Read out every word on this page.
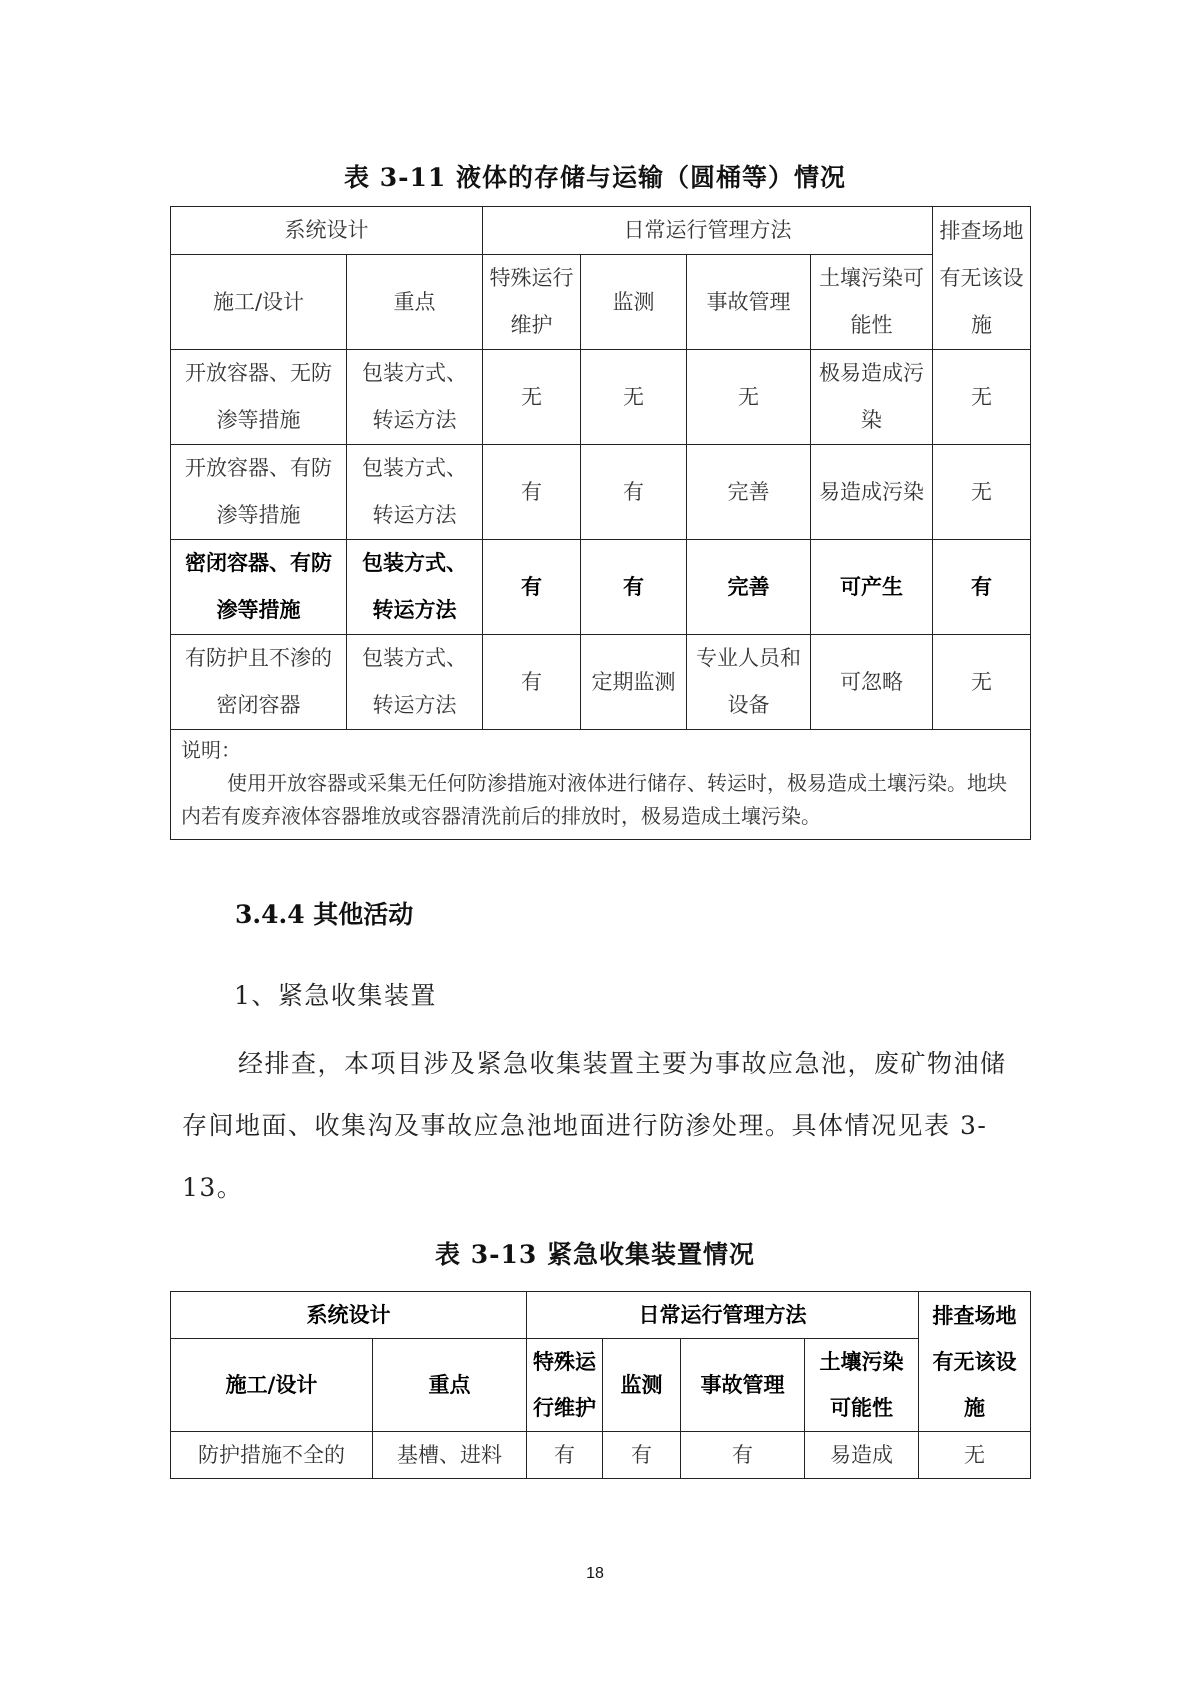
表 3-11 液体的存储与运输（圆桶等）情况
系统设计		日常运行管理方法				排查场地有无该设施
施工/设计	重点	特殊运行维护	监测	事故管理	土壤污染可能性	
开放容器、无防渗等措施	包装方式、转运方法	无	无	无	极易造成污染	无
开放容器、有防渗等措施	包装方式、转运方法	有	有	完善	易造成污染	无
密闭容器、有防渗等措施	包装方式、转运方法	有	有	完善	可产生	有
有防护且不渗的密闭容器	包装方式、转运方法	有	定期监测	专业人员和设备	可忽略	无

说明：
使用开放容器或采集无任何防渗措施对液体进行储存、转运时，极易造成土壤污染。地块内若有废弃液体容器堆放或容器清洗前后的排放时，极易造成土壤污染。						
3.4.4 其他活动
1、紧急收集装置
经排查，本项目涉及紧急收集装置主要为事故应急池，废矿物油储存间地面、收集沟及事故应急池地面进行防渗处理。具体情况见表 3-13。
表 3-13 紧急收集装置情况
系统设计		日常运行管理方法				排查场地有无该设施
施工/设计	重点	特殊运行维护	监测	事故管理	土壤污染可能性	
防护措施不全的	基槽、进料	有	有	有	易造成	无
18
